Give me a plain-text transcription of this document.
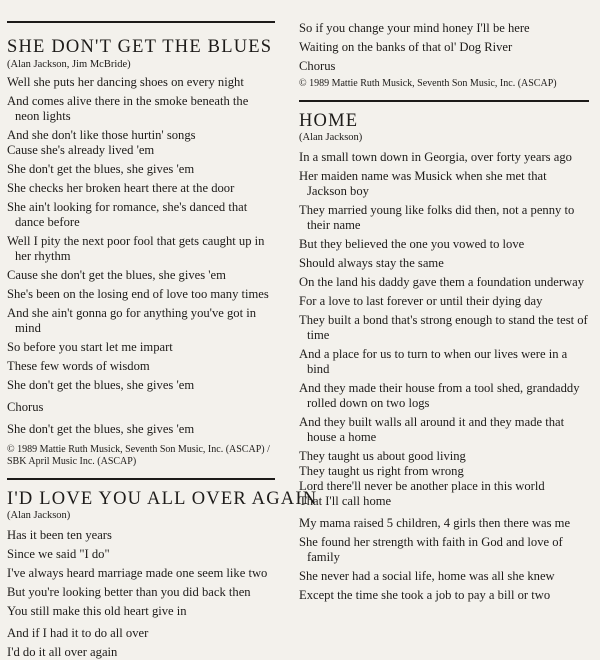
SHE DON'T GET THE BLUES

(Alan Jackson, Jim McBride)

Well she puts her dancing shoes on every night

And comes alive there in the smoke beneath the neon lights

And she don't like those hurtin' songs

Cause she's already lived 'em

She don't get the blues, she gives 'em

She checks her broken heart there at the door

She ain't looking for romance, she's danced that dance before

Well I pity the next poor fool that gets caught up in her rhythm

Cause she don't get the blues, she gives 'em

She's been on the losing end of love too many times

And she ain't gonna go for anything you've got in mind

So before you start let me impart

These few words of wisdom

She don't get the blues, she gives 'em

Chorus

She don't get the blues, she gives 'em

© 1989 Mattie Ruth Musick, Seventh Son Music, Inc. (ASCAP) / SBK April Music Inc. (ASCAP)

I'D LOVE YOU ALL OVER AGAIN

(Alan Jackson)

Has it been ten years

Since we said "I do"

I've always heard marriage made one seem like two

But you're looking better than you did back then

You still make this old heart give in

And if I had it to do all over

I'd do it all over again

So if you change your mind honey I'll be here

Waiting on the banks of that ol' Dog River

Chorus

© 1989 Mattie Ruth Musick, Seventh Son Music, Inc. (ASCAP)

HOME

(Alan Jackson)

In a small town down in Georgia, over forty years ago

Her maiden name was Musick when she met that Jackson boy

They married young like folks did then, not a penny to their name

But they believed the one you vowed to love

Should always stay the same

On the land his daddy gave them a foundation underway

For a love to last forever or until their dying day

They built a bond that's strong enough to stand the test of time

And a place for us to turn to when our lives were in a bind

And they made their house from a tool shed, grandaddy rolled down on two logs

And they built walls all around it and they made that house a home

They taught us about good living

They taught us right from wrong

Lord there'll never be another place in this world

That I'll call home

My mama raised 5 children, 4 girls then there was me

She found her strength with faith in God and love of family

She never had a social life, home was all she knew

Except the time she took a job to pay a bill or two
